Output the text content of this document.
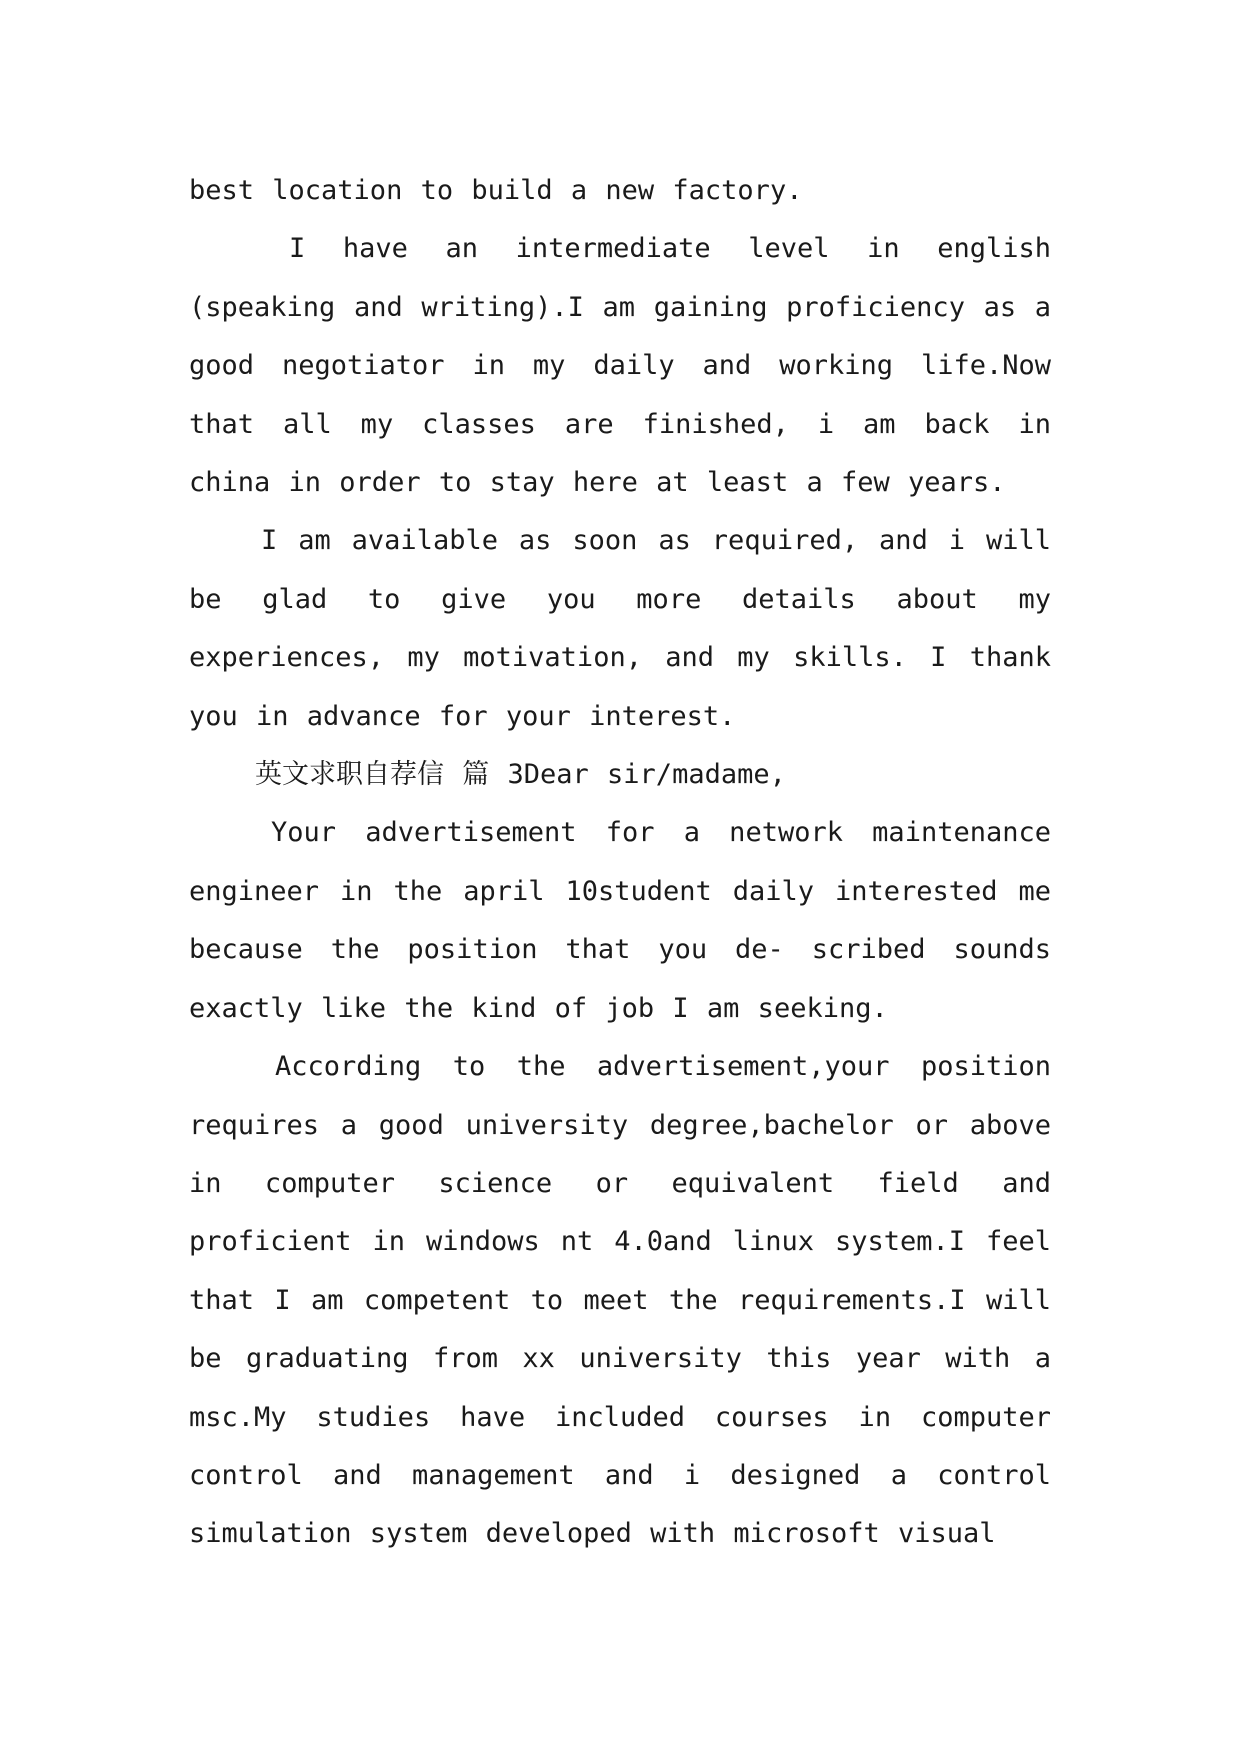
best location to build a new factory.

I have an intermediate level in english (speaking and writing).I am gaining proficiency as a good negotiator in my daily and working life.Now that all my classes are finished, i am back in china in order to stay here at least a few years.

I am available as soon as required, and i will be glad to give you more details about my experiences, my motivation, and my skills. I thank you in advance for your interest.

英文求职自荐信 篇 3Dear sir/madame,

Your advertisement for a network maintenance engineer in the april 10student daily interested me because the position that you de- scribed sounds exactly like the kind of job I am seeking.

According to the advertisement,your position requires a good university degree,bachelor or above in computer science or equivalent field and proficient in windows nt 4.0and linux system.I feel that I am competent to meet the requirements.I will be graduating from xx university this year with a msc.My studies have included courses in computer control and management and i designed a control simulation system developed with microsoft visual
